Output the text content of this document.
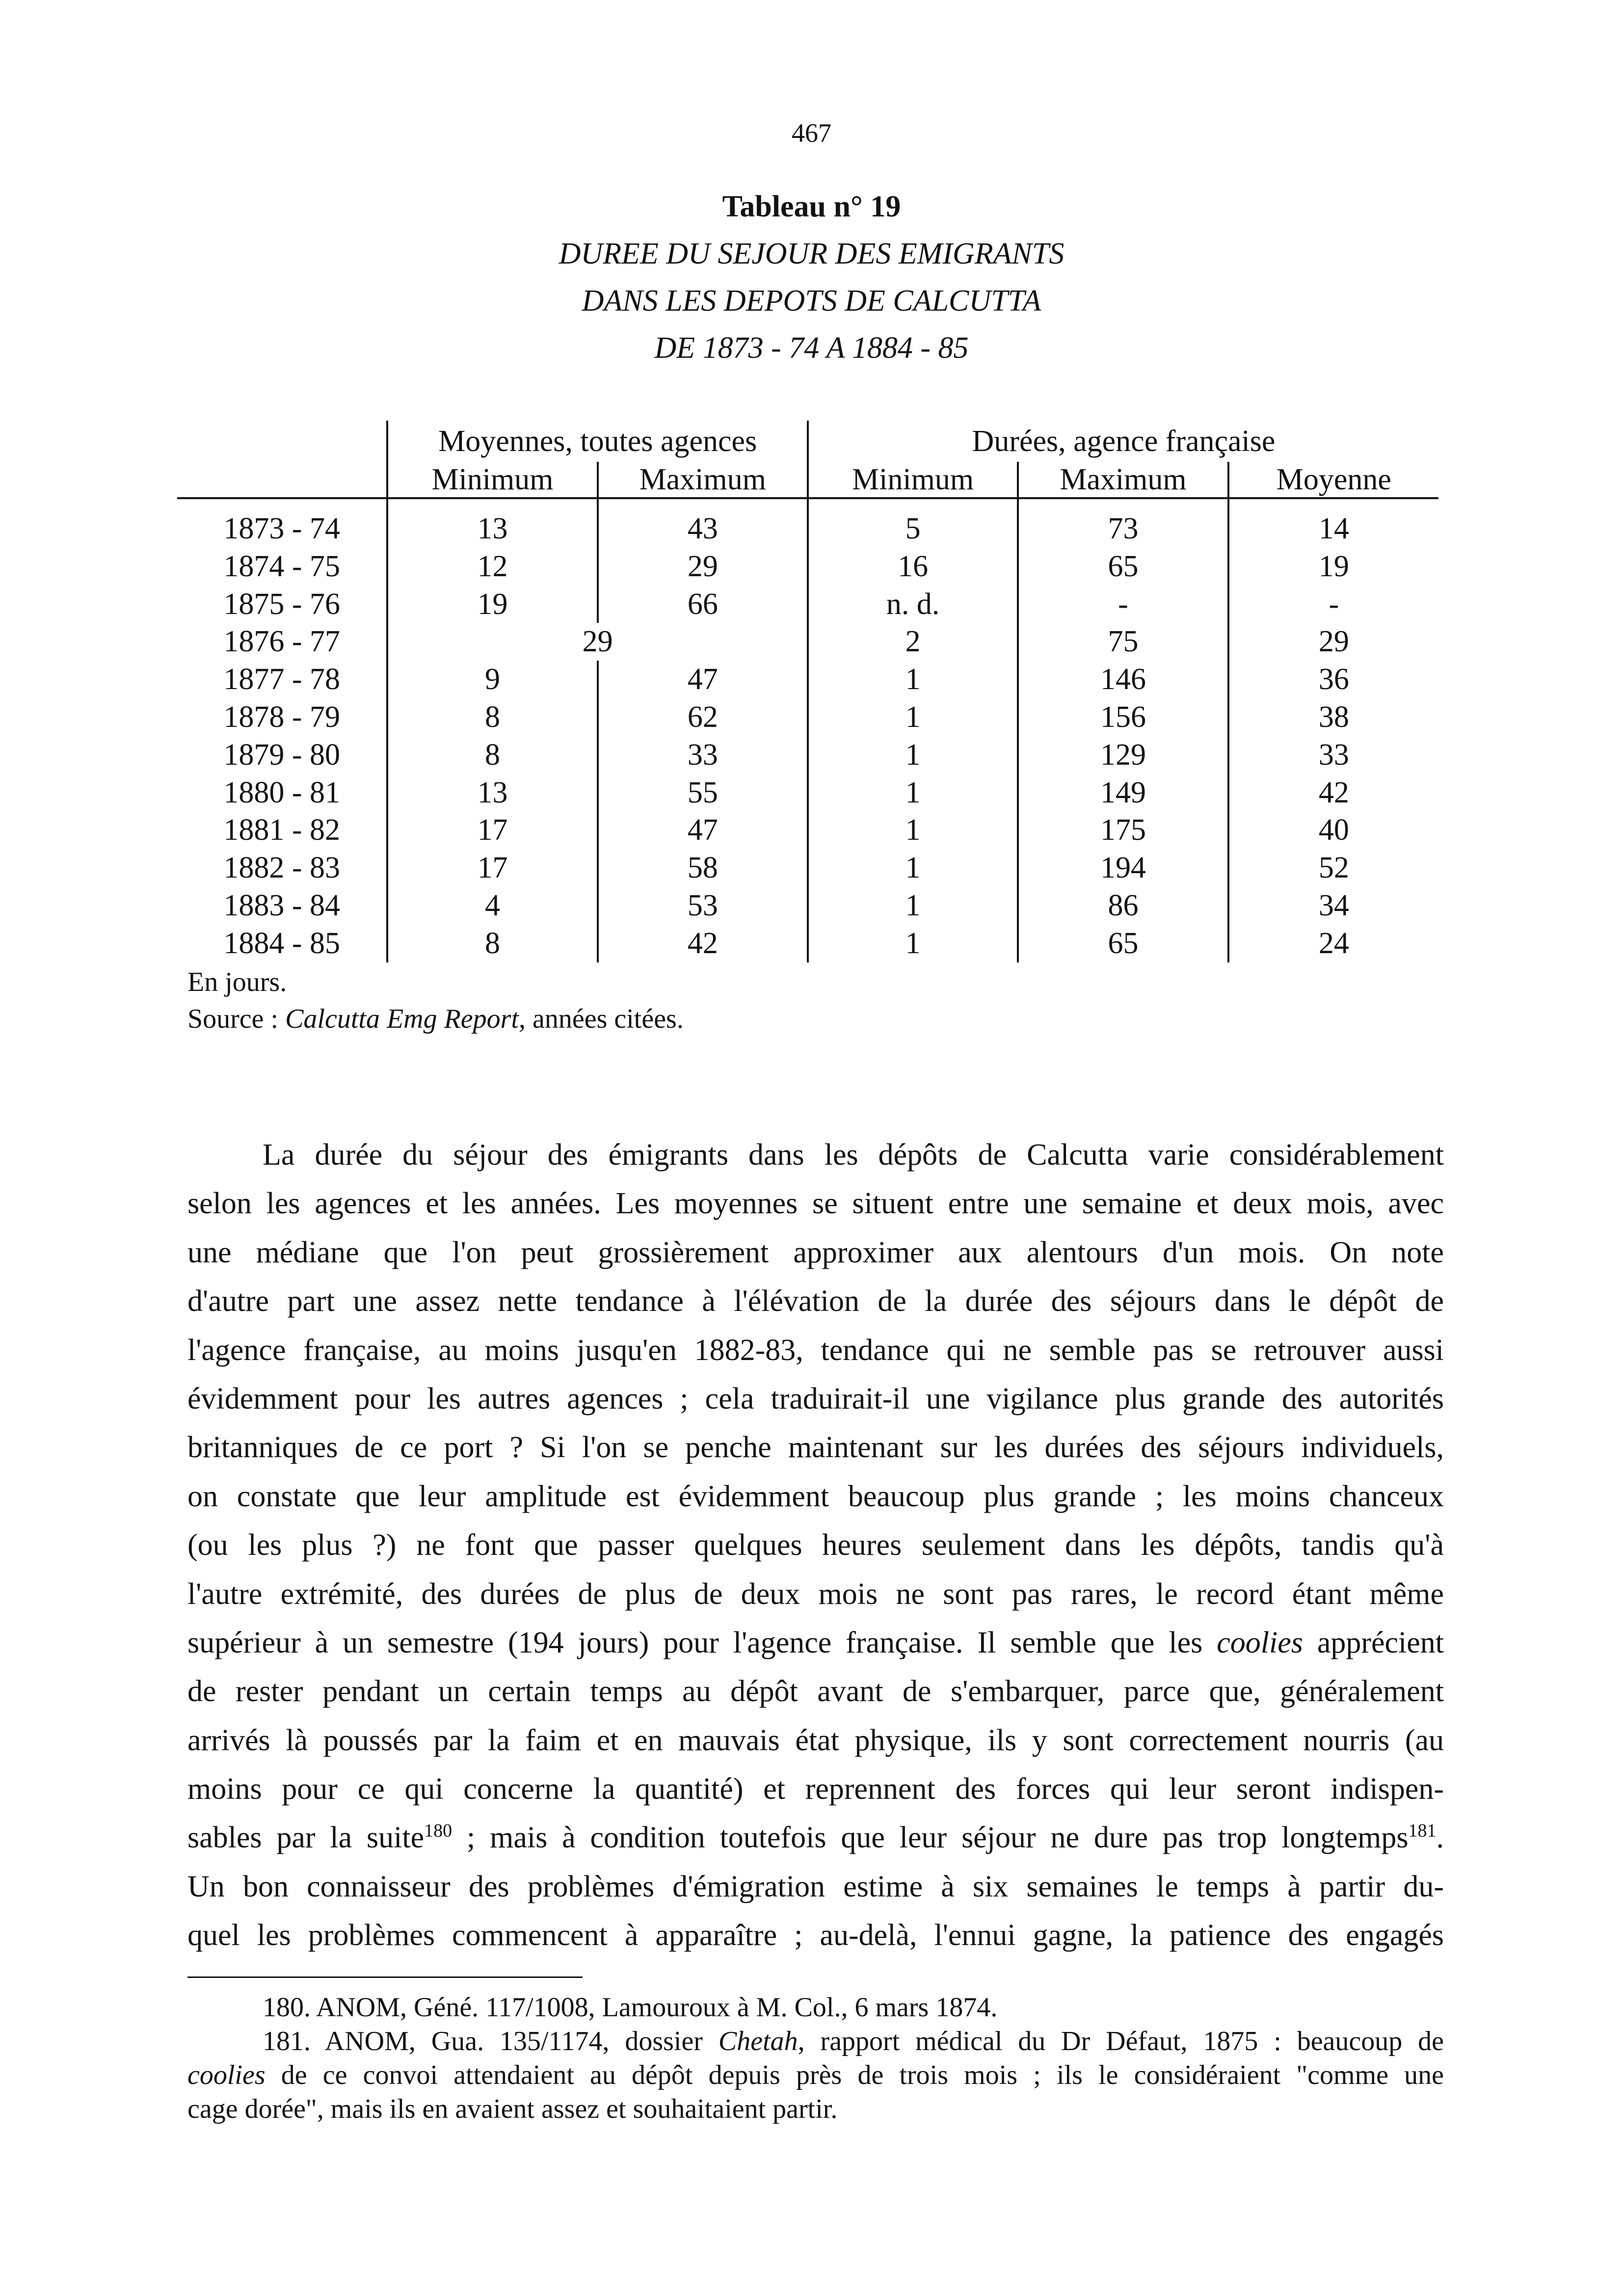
467
Tableau n° 19
DUREE DU SEJOUR DES EMIGRANTS
DANS LES DEPOTS DE CALCUTTA
DE 1873 - 74 A 1884 - 85
	Moyennes, toutes agences		Durées, agence française		
	Minimum	Maximum	Minimum	Maximum	Moyenne

1873 - 74	13	43	5	73	14
1874 - 75	12	29	16	65	19
1875 - 76	19	66	n. d.	-	-
1876 - 77	29		2	75	29
1877 - 78	9	47	1	146	36
1878 - 79	8	62	1	156	38
1879 - 80	8	33	1	129	33
1880 - 81	13	55	1	149	42
1881 - 82	17	47	1	175	40
1882 - 83	17	58	1	194	52
1883 - 84	4	53	1	86	34
1884 - 85	8	42	1	65	24
En jours.
Source : Calcutta Emg Report, années citées.
La durée du séjour des émigrants dans les dépôts de Calcutta varie considérablement
selon les agences et les années. Les moyennes se situent entre une semaine et deux mois, avec
une médiane que l'on peut grossièrement approximer aux alentours d'un mois. On note
d'autre part une assez nette tendance à l'élévation de la durée des séjours dans le dépôt de
l'agence française, au moins jusqu'en 1882-83, tendance qui ne semble pas se retrouver aussi
évidemment pour les autres agences ; cela traduirait-il une vigilance plus grande des autorités
britanniques de ce port ? Si l'on se penche maintenant sur les durées des séjours individuels,
on constate que leur amplitude est évidemment beaucoup plus grande ; les moins chanceux
(ou les plus ?) ne font que passer quelques heures seulement dans les dépôts, tandis qu'à
l'autre extrémité, des durées de plus de deux mois ne sont pas rares, le record étant même
supérieur à un semestre (194 jours) pour l'agence française. Il semble que les coolies apprécient
de rester pendant un certain temps au dépôt avant de s'embarquer, parce que, généralement
arrivés là poussés par la faim et en mauvais état physique, ils y sont correctement nourris (au
moins pour ce qui concerne la quantité) et reprennent des forces qui leur seront indispen-
sables par la suite$^{180}$ ; mais à condition toutefois que leur séjour ne dure pas trop longtemps$^{181}$.
Un bon connaisseur des problèmes d'émigration estime à six semaines le temps à partir du-
quel les problèmes commencent à apparaître ; au-delà, l'ennui gagne, la patience des engagés
180. ANOM, Géné. 117/1008, Lamouroux à M. Col., 6 mars 1874.
181. ANOM, Gua. 135/1174, dossier Chetah, rapport médical du Dr Défaut, 1875 : beaucoup de
coolies de ce convoi attendaient au dépôt depuis près de trois mois ; ils le considéraient "comme une
cage dorée", mais ils en avaient assez et souhaitaient partir.
